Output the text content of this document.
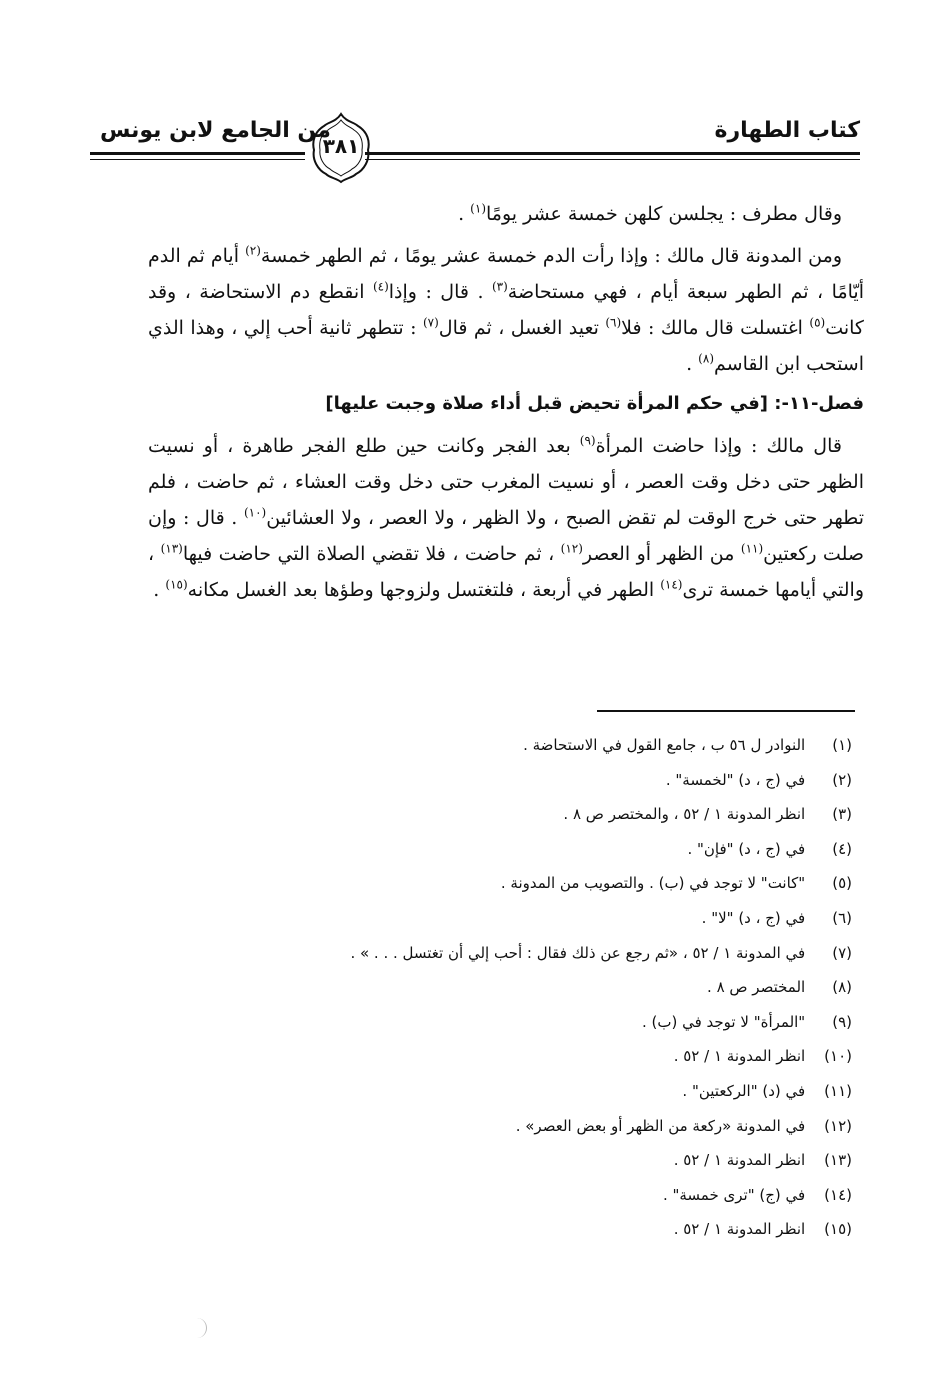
كتاب الطهارة
من الجامع لابن يونس
٣٨١

وقال مطرف : يجلسن كلهن خمسة عشر يومًا$^{(١)}$ .

ومن المدونة قال مالك : وإذا رأت الدم خمسة عشر يومًا ، ثم الطهر خمسة$^{(٢)}$ أيام ثم الدم أيّامًا ، ثم الطهر سبعة أيام ، فهي مستحاضة$^{(٣)}$ . قال : وإذا$^{(٤)}$ انقطع دم الاستحاضة ، وقد كانت$^{(٥)}$ اغتسلت قال مالك : فلا$^{(٦)}$ تعيد الغسل ، ثم قال$^{(٧)}$ : تتطهر ثانية أحب إلي ، وهذا الذي استحب ابن القاسم$^{(٨)}$ .

فصل-١١-: [في حكم المرأة تحيض قبل أداء صلاة وجبت عليها]

قال مالك : وإذا حاضت المرأة$^{(٩)}$ بعد الفجر وكانت حين طلع الفجر طاهرة ، أو نسيت الظهر حتى دخل وقت العصر ، أو نسيت المغرب حتى دخل وقت العشاء ، ثم حاضت ، فلم تطهر حتى خرج الوقت لم تقض الصبح ، ولا الظهر ، ولا العصر ، ولا العشائين$^{(١٠)}$ . قال : وإن صلت ركعتين$^{(١١)}$ من الظهر أو العصر$^{(١٢)}$ ، ثم حاضت ، فلا تقضي الصلاة التي حاضت فيها$^{(١٣)}$ ، والتي أيامها خمسة ترى$^{(١٤)}$ الطهر في أربعة ، فلتغتسل ولزوجها وطؤها بعد الغسل مكانه$^{(١٥)}$ .

(١) النوادر ل ٥٦ ب ، جامع القول في الاستحاضة .
(٢) في (ج ، د) "لخمسة" .
(٣) انظر المدونة ١ / ٥٢ ، والمختصر ص ٨ .
(٤) في (ج ، د) "فإن" .
(٥) "كانت" لا توجد في (ب) . والتصويب من المدونة .
(٦) في (ج ، د) "لا" .
(٧) في المدونة ١ / ٥٢ ، «ثم رجع عن ذلك فقال : أحب إلي أن تغتسل . . . » .
(٨) المختصر ص ٨ .
(٩) "المرأة" لا توجد في (ب) .
(١٠) انظر المدونة ١ / ٥٢ .
(١١) في (د) "الركعتين" .
(١٢) في المدونة «ركعة من الظهر أو بعض العصر» .
(١٣) انظر المدونة ١ / ٥٢ .
(١٤) في (ج) "ترى خمسة" .
(١٥) انظر المدونة ١ / ٥٢ .
